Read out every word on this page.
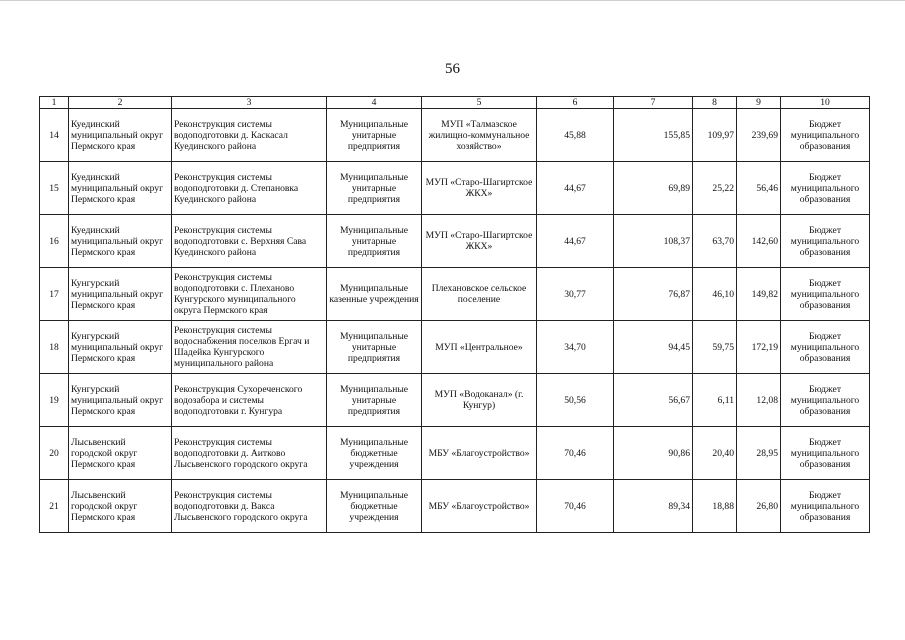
56
1	2	3	4	5	6	7	8	9	10
14	Куединский муниципальный округ Пермского края	Реконструкция системы водоподготовки д. Каскасал Куединского района	Муниципальные унитарные предприятия	МУП «Талмазское жилищно-коммунальное хозяйство»	45,88	155,85	109,97	239,69	Бюджет муниципального образования
15	Куединский муниципальный округ Пермского края	Реконструкция системы водоподготовки д. Степановка Куединского района	Муниципальные унитарные предприятия	МУП «Старо-Шагиртское ЖКХ»	44,67	69,89	25,22	56,46	Бюджет муниципального образования
16	Куединский муниципальный округ Пермского края	Реконструкция системы водоподготовки с. Верхняя Сава Куединского района	Муниципальные унитарные предприятия	МУП «Старо-Шагиртское ЖКХ»	44,67	108,37	63,70	142,60	Бюджет муниципального образования
17	Кунгурский муниципальный округ Пермского края	Реконструкция системы водоподготовки с. Плеханово Кунгурского муниципального округа Пермского края	Муниципальные казенные учреждения	Плехановское сельское поселение	30,77	76,87	46,10	149,82	Бюджет муниципального образования
18	Кунгурский муниципальный округ Пермского края	Реконструкция системы водоснабжения поселков Ергач и Шадейка Кунгурского муниципального района	Муниципальные унитарные предприятия	МУП «Центральное»	34,70	94,45	59,75	172,19	Бюджет муниципального образования
19	Кунгурский муниципальный округ Пермского края	Реконструкция Сухореченского водозабора и системы водоподготовки г. Кунгура	Муниципальные унитарные предприятия	МУП «Водоканал» (г. Кунгур)	50,56	56,67	6,11	12,08	Бюджет муниципального образования
20	Лысьвенский городской округ Пермского края	Реконструкция системы водоподготовки д. Аитково Лысьвенского городского округа	Муниципальные бюджетные учреждения	МБУ «Благоустройство»	70,46	90,86	20,40	28,95	Бюджет муниципального образования
21	Лысьвенский городской округ Пермского края	Реконструкция системы водоподготовки д. Вакса Лысьвенского городского округа	Муниципальные бюджетные учреждения	МБУ «Благоустройство»	70,46	89,34	18,88	26,80	Бюджет муниципального образования
